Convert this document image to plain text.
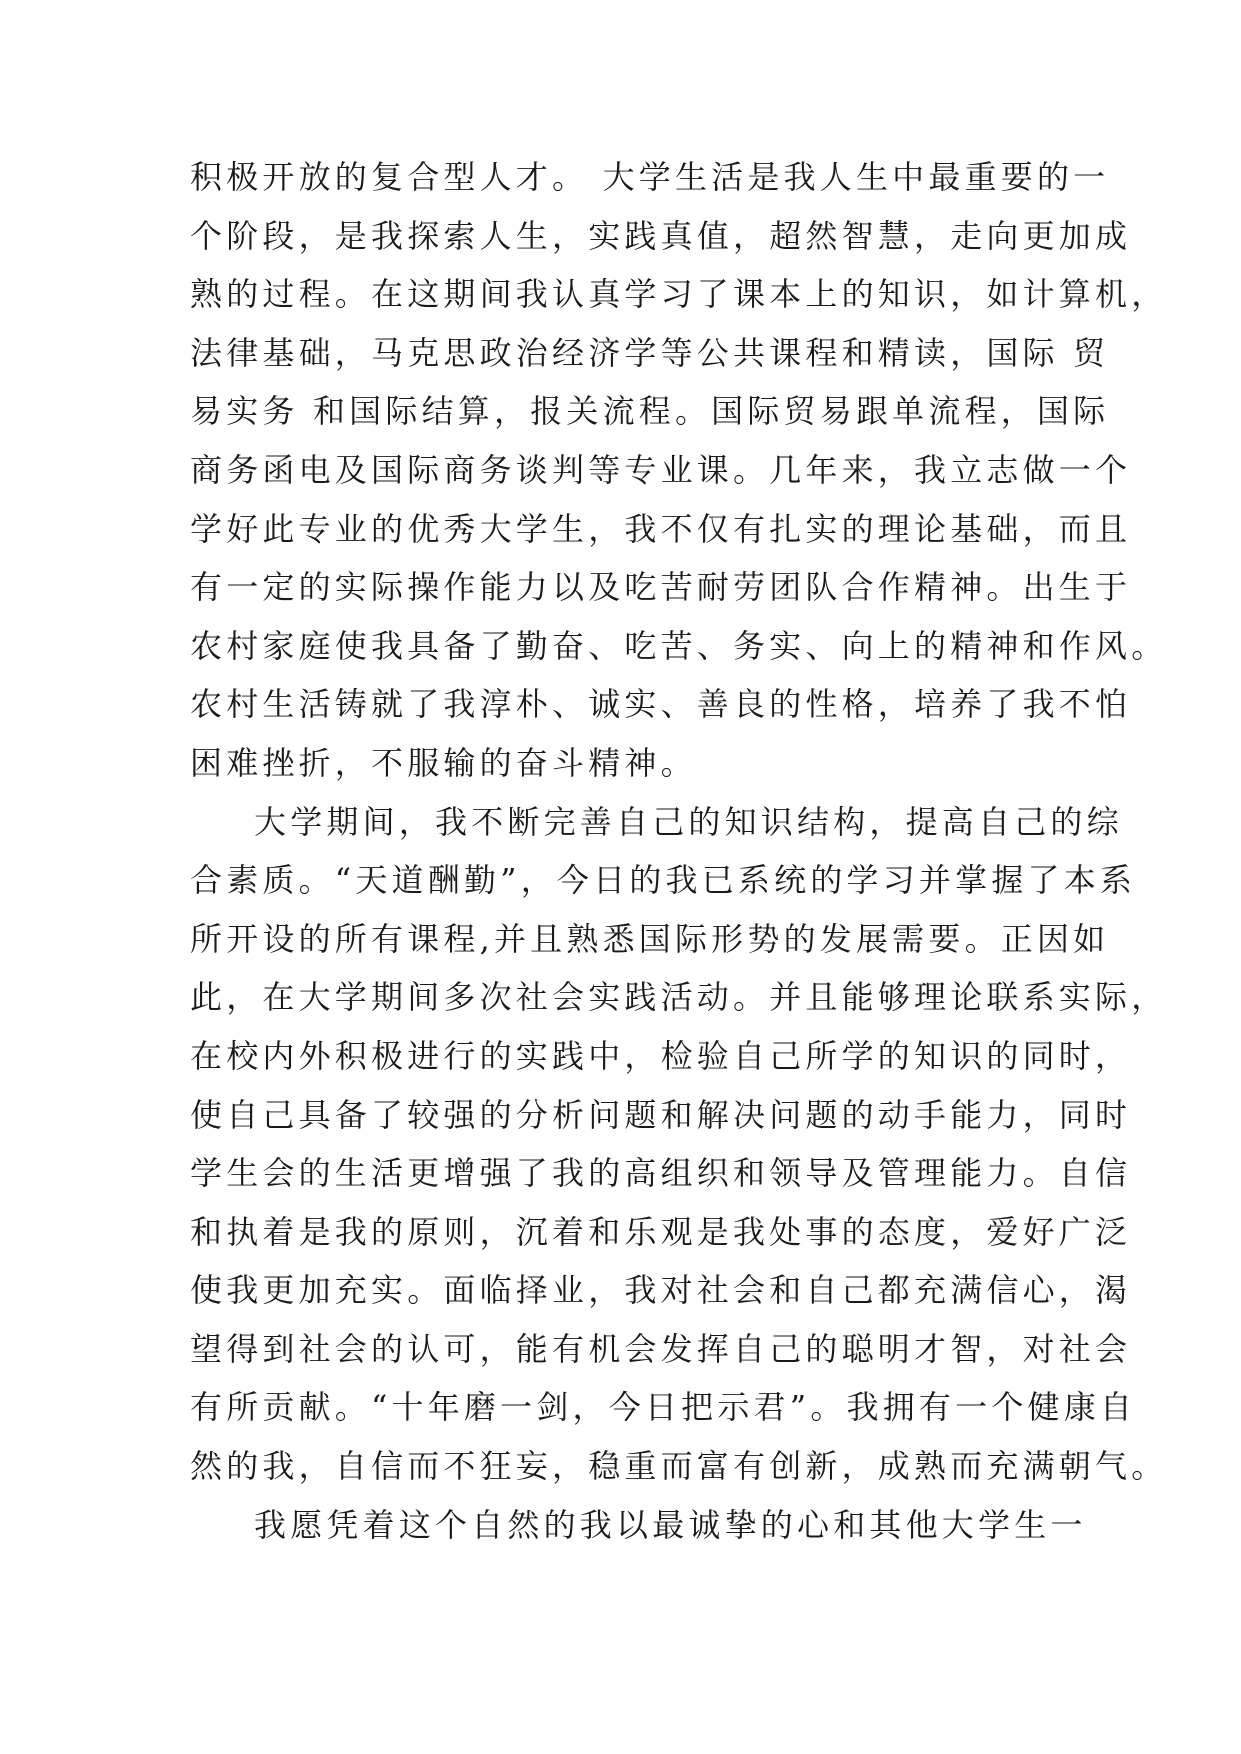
积极开放的复合型人才。 大学生活是我人生中最重要的一
个阶段，是我探索人生，实践真值，超然智慧，走向更加成
熟的过程。在这期间我认真学习了课本上的知识，如计算机，
法律基础，马克思政治经济学等公共课程和精读，国际 贸
易实务 和国际结算，报关流程。国际贸易跟单流程，国际
商务函电及国际商务谈判等专业课。几年来，我立志做一个
学好此专业的优秀大学生，我不仅有扎实的理论基础，而且
有一定的实际操作能力以及吃苦耐劳团队合作精神。出生于
农村家庭使我具备了勤奋、吃苦、务实、向上的精神和作风。
农村生活铸就了我淳朴、诚实、善良的性格，培养了我不怕
困难挫折，不服输的奋斗精神。
大学期间，我不断完善自己的知识结构，提高自己的综
合素质。“天道酬勤”，今日的我已系统的学习并掌握了本系
所开设的所有课程,并且熟悉国际形势的发展需要。正因如
此，在大学期间多次社会实践活动。并且能够理论联系实际，
在校内外积极进行的实践中，检验自己所学的知识的同时，
使自己具备了较强的分析问题和解决问题的动手能力，同时
学生会的生活更增强了我的高组织和领导及管理能力。自信
和执着是我的原则，沉着和乐观是我处事的态度，爱好广泛
使我更加充实。面临择业，我对社会和自己都充满信心，渴
望得到社会的认可，能有机会发挥自己的聪明才智，对社会
有所贡献。“十年磨一剑，今日把示君”。我拥有一个健康自
然的我，自信而不狂妄，稳重而富有创新，成熟而充满朝气。
我愿凭着这个自然的我以最诚挚的心和其他大学生一
